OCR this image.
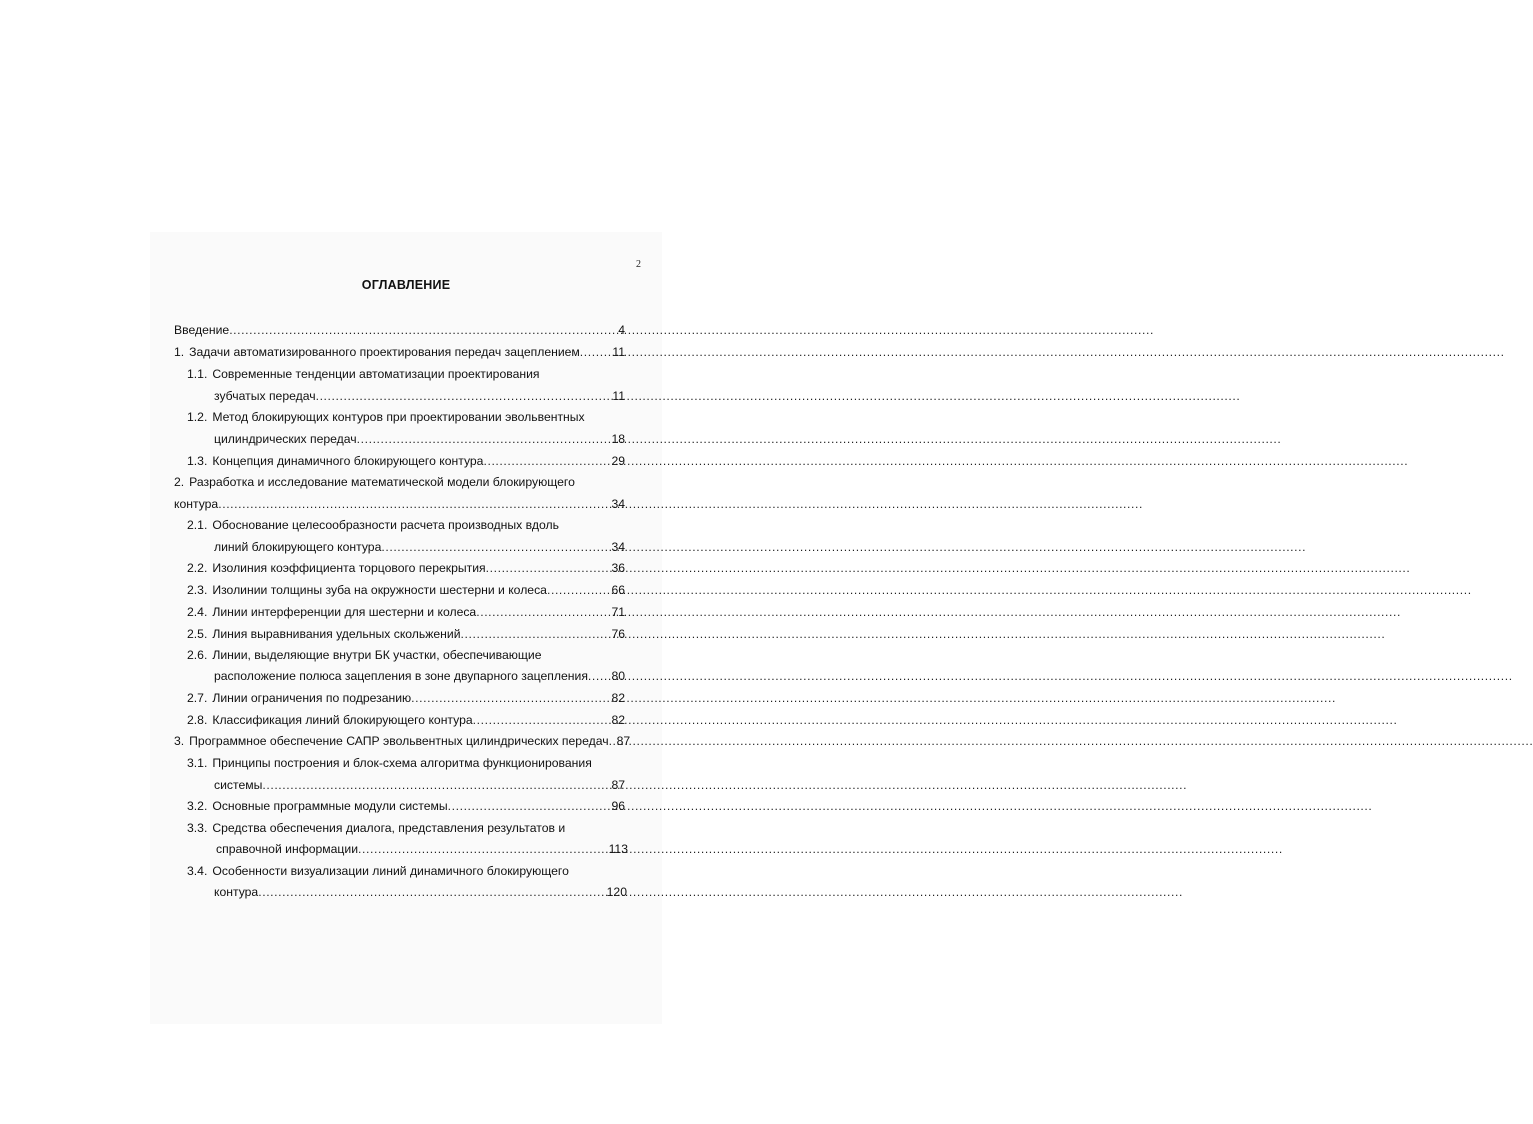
2
ОГЛАВЛЕНИЕ
Введение .....	4
1. Задачи автоматизированного проектирования передач зацеплением .....	11
1.1. Современные тенденции автоматизации проектирования
зубчатых передач .....	11
1.2. Метод блокирующих контуров при проектировании эвольвентных
цилиндрических передач .....	18
1.3. Концепция динамичного блокирующего контура .....	29
2. Разработка и исследование математической модели блокирующего
контура .....	34
2.1. Обоснование целесообразности расчета производных вдоль
линий блокирующего контура .....	34
2.2. Изолиния коэффициента торцового перекрытия .....	36
2.3. Изолинии толщины зуба на окружности шестерни и колеса .....	66
2.4. Линии интерференции для шестерни и колеса .....	71
2.5. Линия выравнивания удельных скольжений .....	76
2.6. Линии, выделяющие внутри БК участки, обеспечивающие
расположение полюса зацепления в зоне двупарного зацепления ..... 80
2.7. Линии ограничения по подрезанию .....	82
2.8. Классификация линий блокирующего контура .....	82
3. Программное обеспечение САПР эвольвентных цилиндрических передач ..... 87
3.1. Принципы построения и блок-схема алгоритма функционирования
системы .....	87
3.2. Основные программные модули системы .....	96
3.3. Средства обеспечения диалога, представления результатов и
справочной информации .....	113
3.4. Особенности визуализации линий динамичного блокирующего
контура .....	120
